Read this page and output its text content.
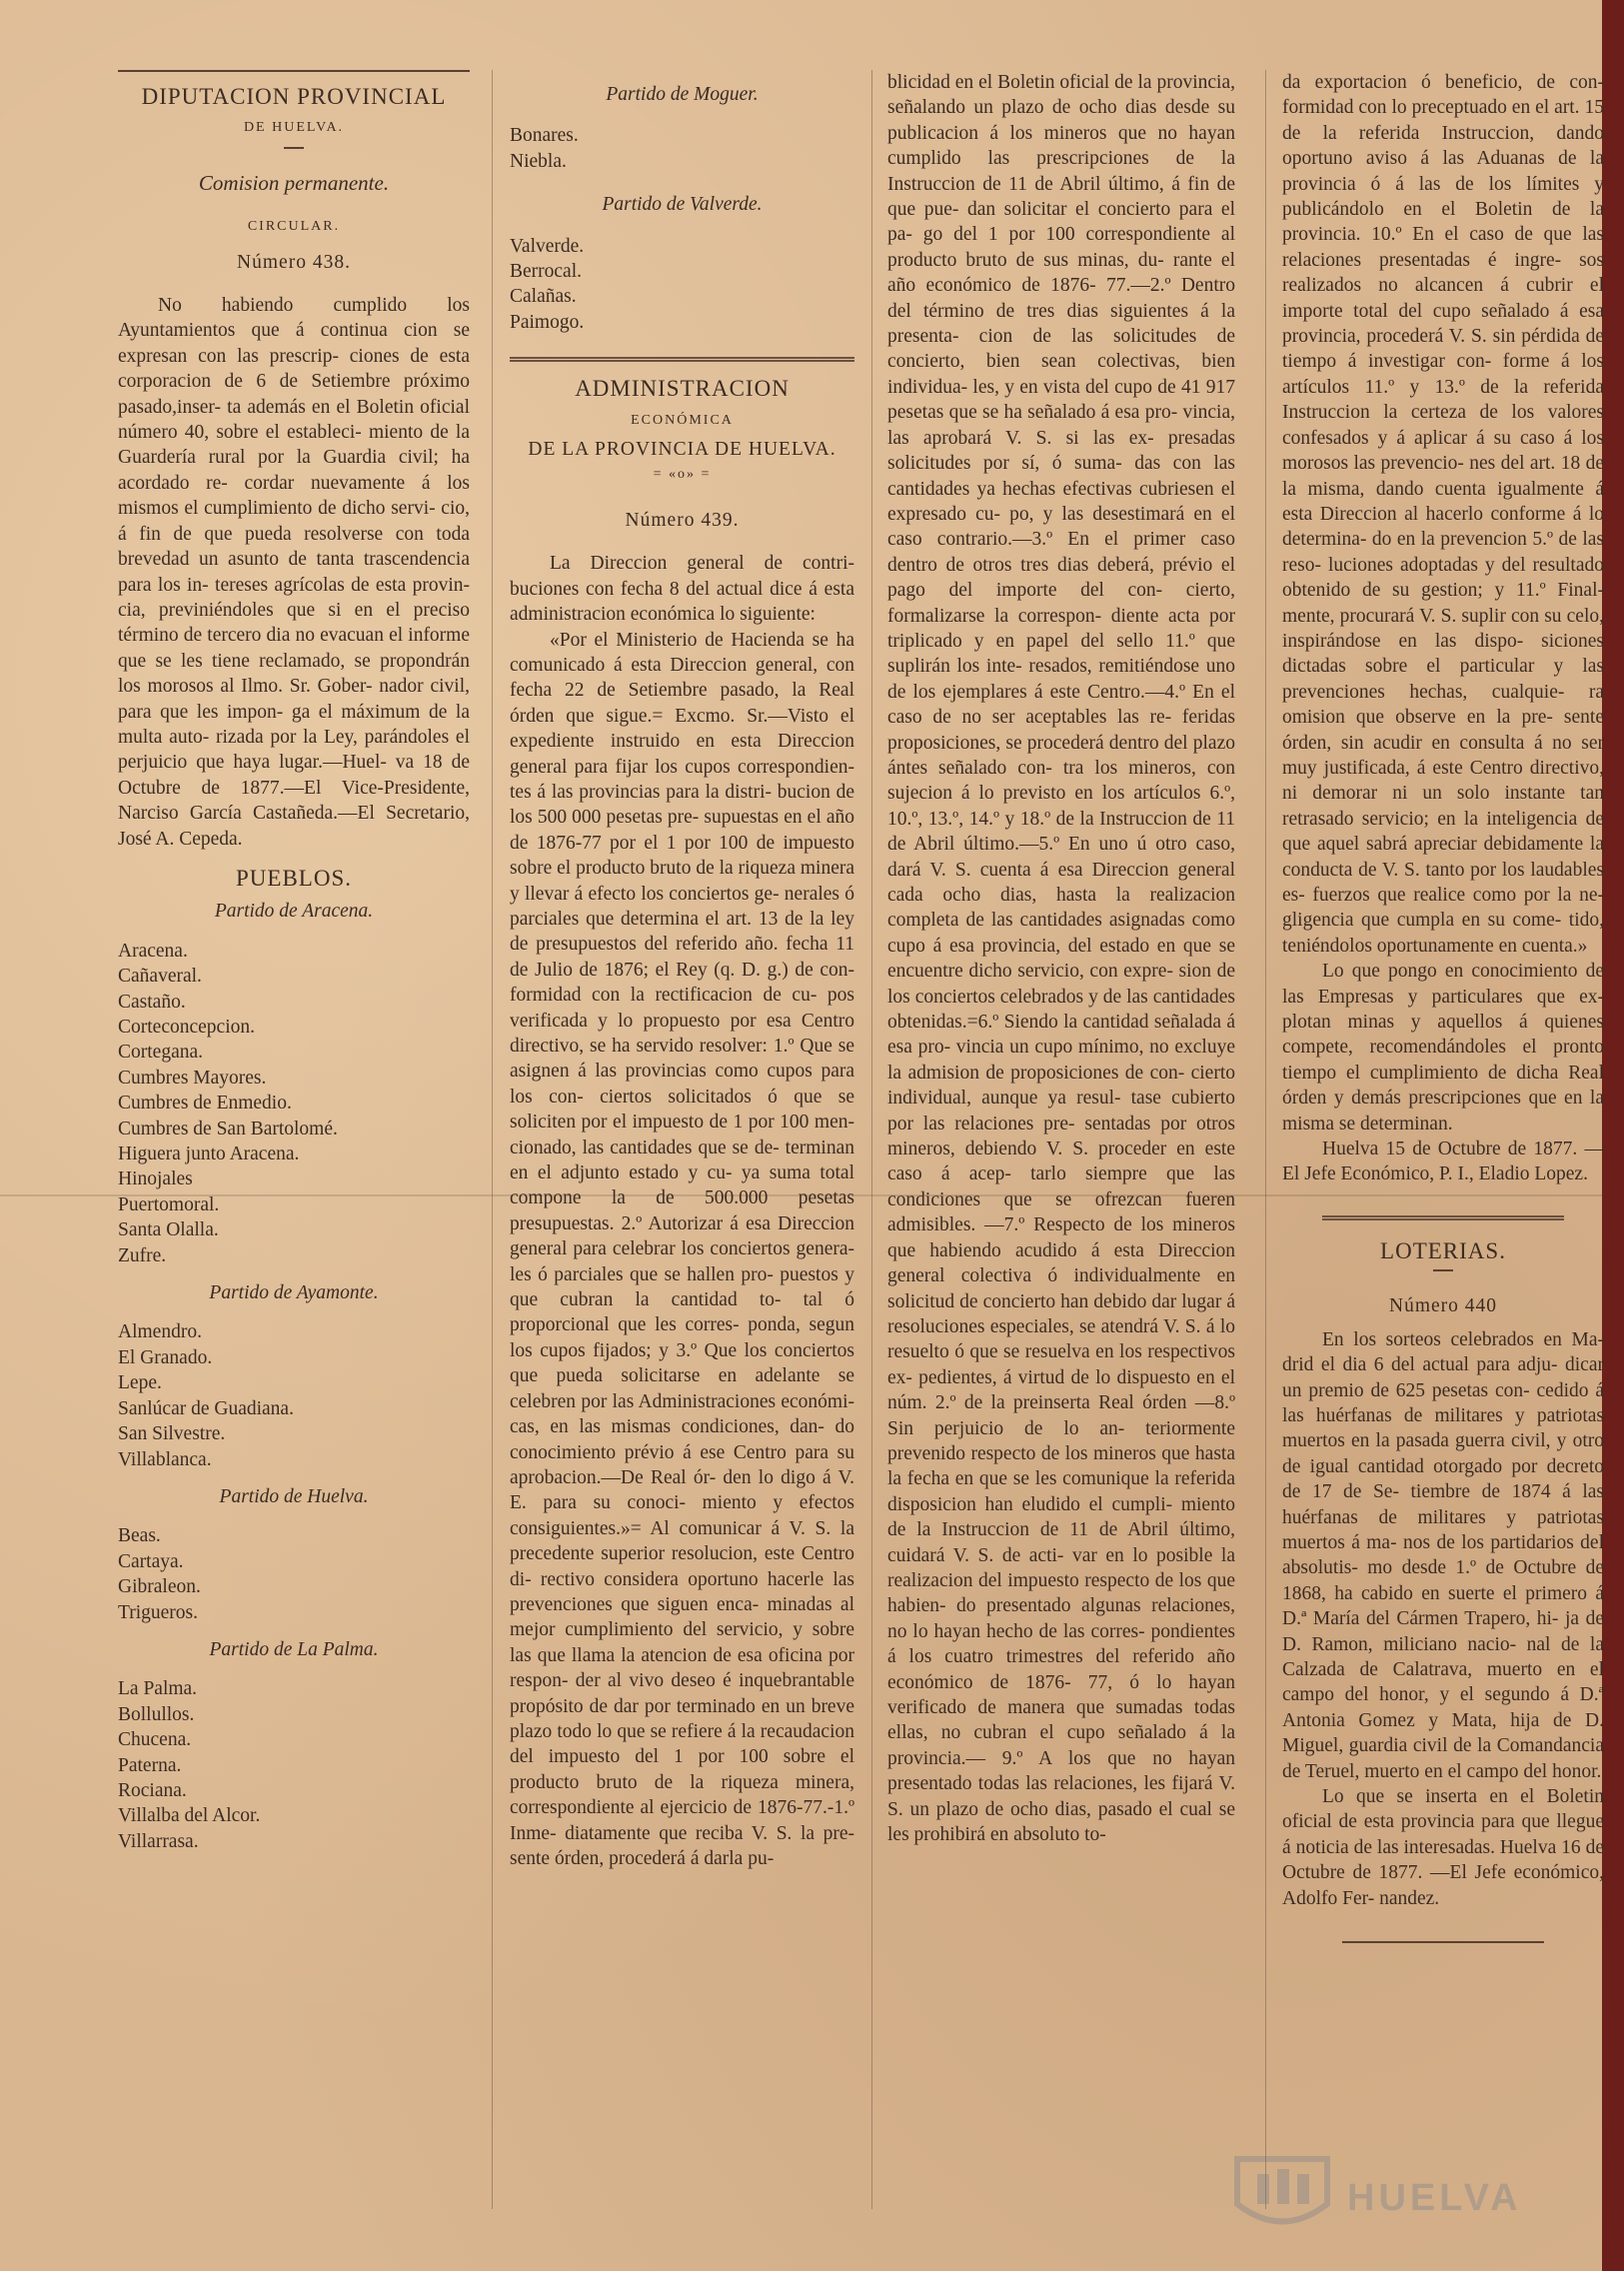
DIPUTACION PROVINCIAL
DE HUELVA.
Comision permanente.
CIRCULAR.
Número 438.

No habiendo cumplido los Ayuntamientos que á continua cion se expresan con las prescrip- ciones de esta corporacion de 6 de Setiembre próximo pasado,inser- ta además en el Boletin oficial número 40, sobre el estableci- miento de la Guardería rural por la Guardia civil; ha acordado re- cordar nuevamente á los mismos el cumplimiento de dicho servi- cio, á fin de que pueda resolverse con toda brevedad un asunto de tanta trascendencia para los in- tereses agrícolas de esta provin- cia, previniéndoles que si en el preciso término de tercero dia no evacuan el informe que se les tiene reclamado, se propondrán los morosos al Ilmo. Sr. Gober- nador civil, para que les impon- ga el máximum de la multa auto- rizada por la Ley, parándoles el perjuicio que haya lugar.—Huel- va 18 de Octubre de 1877.—El Vice-Presidente, Narciso García Castañeda.—El Secretario, José A. Cepeda.

PUEBLOS.
Partido de Aracena.
Aracena.
Cañaveral.
Castaño.
Corteconcepcion.
Cortegana.
Cumbres Mayores.
Cumbres de Enmedio.
Cumbres de San Bartolomé.
Higuera junto Aracena.
Hinojales
Puertomoral.
Santa Olalla.
Zufre.
Partido de Ayamonte.
Almendro.
El Granado.
Lepe.
Sanlúcar de Guadiana.
San Silvestre.
Villablanca.
Partido de Huelva.
Beas.
Cartaya.
Gibraleon.
Trigueros.
Partido de La Palma.
La Palma.
Bollullos.
Chucena.
Paterna.
Rociana.
Villalba del Alcor.
Villarrasa.
Partido de Moguer.
Bonares.
Niebla.
Partido de Valverde.
Valverde.
Berrocal.
Calañas.
Paimogo.
ADMINISTRACION
ECONÓMICA
DE LA PROVINCIA DE HUELVA.
= «o» =
Número 439.

La Direccion general de contri- buciones con fecha 8 del actual dice á esta administracion económica lo siguiente:

«Por el Ministerio de Hacienda se ha comunicado á esta Direccion general, con fecha 22 de Setiembre pasado, la Real órden que sigue.= Excmo. Sr.—Visto el expediente instruido en esta Direccion general para fijar los cupos correspondien- tes á las provincias para la distri- bucion de los 500 000 pesetas pre- supuestas en el año de 1876-77 por el 1 por 100 de impuesto sobre el producto bruto de la riqueza minera y llevar á efecto los conciertos ge- nerales ó parciales que determina el art. 13 de la ley de presupuestos del referido año. fecha 11 de Julio de 1876; el Rey (q. D. g.) de con- formidad con la rectificacion de cu- pos verificada y lo propuesto por esa Centro directivo, se ha servido resolver: 1.º Que se asignen á las provincias como cupos para los con- ciertos solicitados ó que se soliciten por el impuesto de 1 por 100 men- cionado, las cantidades que se de- terminan en el adjunto estado y cu- ya suma total compone la de 500.000 pesetas presupuestas. 2.º Autorizar á esa Direccion general para celebrar los conciertos genera- les ó parciales que se hallen pro- puestos y que cubran la cantidad to- tal ó proporcional que les corres- ponda, segun los cupos fijados; y 3.º Que los conciertos que pueda solicitarse en adelante se celebren por las Administraciones económi- cas, en las mismas condiciones, dan- do conocimiento prévio á ese Centro para su aprobacion.—De Real ór- den lo digo á V. E. para su conoci- miento y efectos consiguientes.»= Al comunicar á V. S. la precedente superior resolucion, este Centro di- rectivo considera oportuno hacerle las prevenciones que siguen enca- minadas al mejor cumplimiento del servicio, y sobre las que llama la atencion de esa oficina por respon- der al vivo deseo é inquebrantable propósito de dar por terminado en un breve plazo todo lo que se refiere á la recaudacion del impuesto del 1 por 100 sobre el producto bruto de la riqueza minera, correspondiente al ejercicio de 1876-77.-1.º Inme- diatamente que reciba V. S. la pre- sente órden, procederá á darla pu-

blicidad en el Boletin oficial de la provincia, señalando un plazo de ocho dias desde su publicacion á los mineros que no hayan cumplido las prescripciones de la Instruccion de 11 de Abril último, á fin de que pue- dan solicitar el concierto para el pa- go del 1 por 100 correspondiente al producto bruto de sus minas, du- rante el año económico de 1876- 77.—2.º Dentro del término de tres dias siguientes á la presenta- cion de las solicitudes de concierto, bien sean colectivas, bien individua- les, y en vista del cupo de 41 917 pesetas que se ha señalado á esa pro- vincia, las aprobará V. S. si las ex- presadas solicitudes por sí, ó suma- das con las cantidades ya hechas efectivas cubriesen el expresado cu- po, y las desestimará en el caso contrario.—3.º En el primer caso dentro de otros tres dias deberá, prévio el pago del importe del con- cierto, formalizarse la correspon- diente acta por triplicado y en papel del sello 11.º que suplirán los inte- resados, remitiéndose uno de los ejemplares á este Centro.—4.º En el caso de no ser aceptables las re- feridas proposiciones, se procederá dentro del plazo ántes señalado con- tra los mineros, con sujecion á lo previsto en los artículos 6.º, 10.º, 13.º, 14.º y 18.º de la Instruccion de 11 de Abril último.—5.º En uno ú otro caso, dará V. S. cuenta á esa Direccion general cada ocho dias, hasta la realizacion completa de las cantidades asignadas como cupo á esa provincia, del estado en que se encuentre dicho servicio, con expre- sion de los conciertos celebrados y de las cantidades obtenidas.=6.º Siendo la cantidad señalada á esa pro- vincia un cupo mínimo, no excluye la admision de proposiciones de con- cierto individual, aunque ya resul- tase cubierto por las relaciones pre- sentadas por otros mineros, debiendo V. S. proceder en este caso á acep- tarlo siempre que las condiciones que se ofrezcan fueren admisibles. —7.º Respecto de los mineros que habiendo acudido á esta Direccion general colectiva ó individualmente en solicitud de concierto han debido dar lugar á resoluciones especiales, se atendrá V. S. á lo resuelto ó que se resuelva en los respectivos ex- pedientes, á virtud de lo dispuesto en el núm. 2.º de la preinserta Real órden —8.º Sin perjuicio de lo an- teriormente prevenido respecto de los mineros que hasta la fecha en que se les comunique la referida disposicion han eludido el cumpli- miento de la Instruccion de 11 de Abril último, cuidará V. S. de acti- var en lo posible la realizacion del impuesto respecto de los que habien- do presentado algunas relaciones, no lo hayan hecho de las corres- pondientes á los cuatro trimestres del referido año económico de 1876- 77, ó lo hayan verificado de manera que sumadas todas ellas, no cubran el cupo señalado á la provincia.— 9.º A los que no hayan presentado todas las relaciones, les fijará V. S. un plazo de ocho dias, pasado el cual se les prohibirá en absoluto to-

da exportacion ó beneficio, de con- formidad con lo preceptuado en el art. 15 de la referida Instruccion, dando oportuno aviso á las Aduanas de la provincia ó á las de los límites y publicándolo en el Boletin de la provincia. 10.º En el caso de que las relaciones presentadas é ingre- sos realizados no alcancen á cubrir el importe total del cupo señalado á esa provincia, procederá V. S. sin pérdida de tiempo á investigar con- forme á los artículos 11.º y 13.º de la referida Instruccion la certeza de los valores confesados y á aplicar á su caso á los morosos las prevencio- nes del art. 18 de la misma, dando cuenta igualmente á esta Direccion al hacerlo conforme á lo determina- do en la prevencion 5.º de las reso- luciones adoptadas y del resultado obtenido de su gestion; y 11.º Final- mente, procurará V. S. suplir con su celo, inspirándose en las dispo- siciones dictadas sobre el particular y las prevenciones hechas, cualquie- ra omision que observe en la pre- sente órden, sin acudir en consulta á no ser muy justificada, á este Centro directivo, ni demorar ni un solo instante tan retrasado servicio; en la inteligencia de que aquel sabrá apreciar debidamente la conducta de V. S. tanto por los laudables es- fuerzos que realice como por la ne- gligencia que cumpla en su come- tido, teniéndolos oportunamente en cuenta.»

Lo que pongo en conocimiento de las Empresas y particulares que ex- plotan minas y aquellos á quienes compete, recomendándoles el pronto tiempo el cumplimiento de dicha Real órden y demás prescripciones que en la misma se determinan.

Huelva 15 de Octubre de 1877. —El Jefe Económico, P. I., Eladio Lopez.

LOTERIAS.
Número 440

En los sorteos celebrados en Ma- drid el dia 6 del actual para adju- dicar un premio de 625 pesetas con- cedido á las huérfanas de militares y patriotas muertos en la pasada guerra civil, y otro de igual cantidad otorgado por decreto de 17 de Se- tiembre de 1874 á las huérfanas de militares y patriotas muertos á ma- nos de los partidarios del absolutis- mo desde 1.º de Octubre de 1868, ha cabido en suerte el primero á D.ª María del Cármen Trapero, hi- ja de D. Ramon, miliciano nacio- nal de la Calzada de Calatrava, muerto en el campo del honor, y el segundo á D.ª Antonia Gomez y Mata, hija de D. Miguel, guardia civil de la Comandancia de Teruel, muerto en el campo del honor.

Lo que se inserta en el Boletin oficial de esta provincia para que llegue á noticia de las interesadas. Huelva 16 de Octubre de 1877. —El Jefe económico, Adolfo Fer- nandez.

HUELVA
